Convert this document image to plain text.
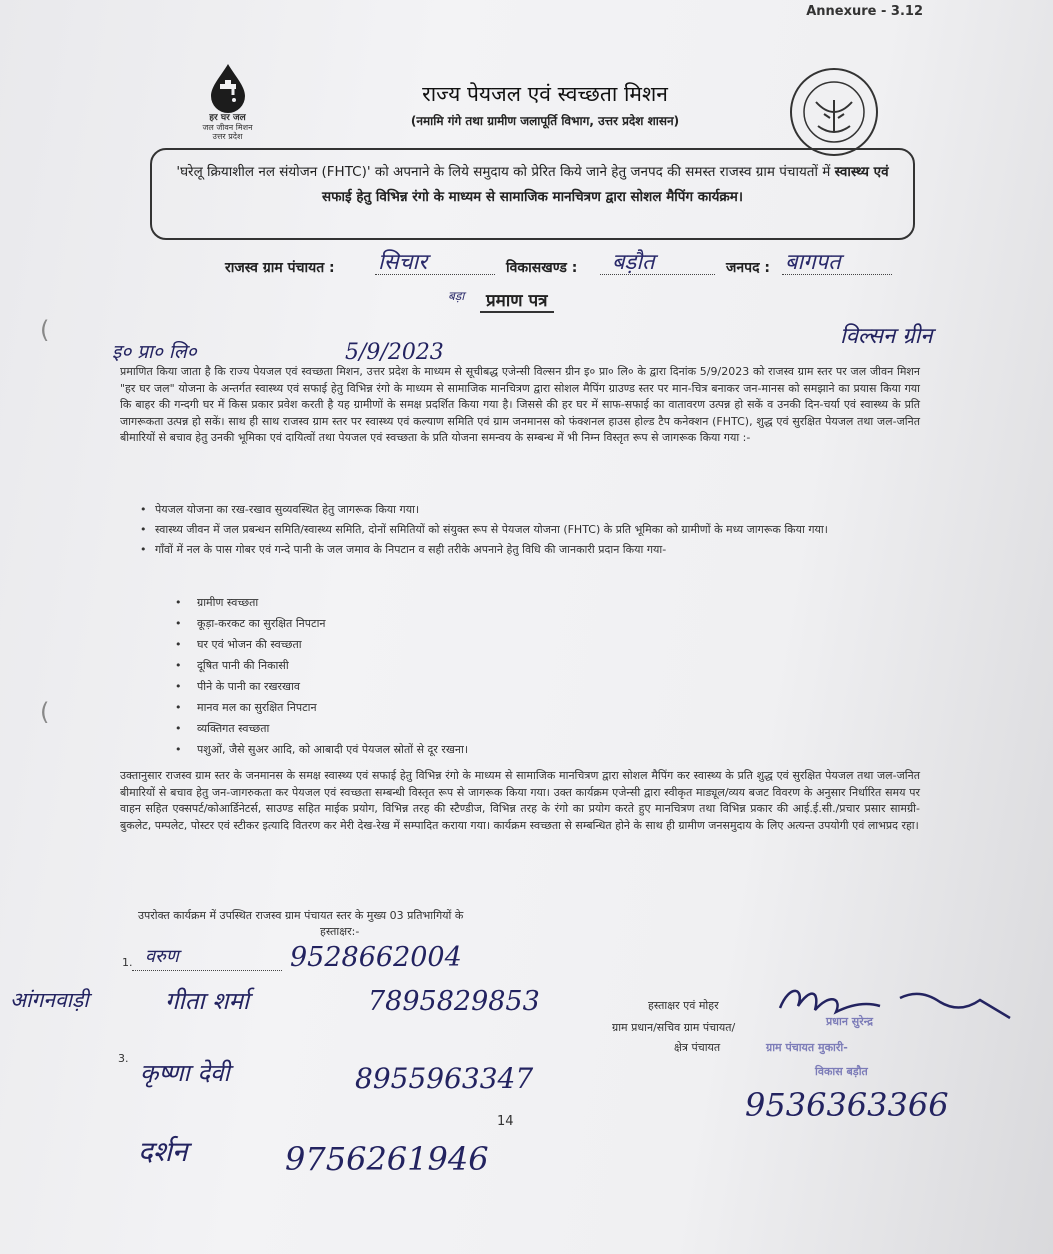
Annexure - 3.12
हर घर जल
जल जीवन मिशन
उत्तर प्रदेश
राज्य पेयजल एवं स्वच्छता मिशन
(नमामि गंगे तथा ग्रामीण जलापूर्ति विभाग, उत्तर प्रदेश शासन)
'घरेलू क्रियाशील नल संयोजन (FHTC)' को अपनाने के लिये समुदाय को प्रेरित किये जाने हेतु जनपद की समस्त राजस्व ग्राम पंचायतों में स्वास्थ्य एवं सफाई हेतु विभिन्न रंगो के माध्यम से सामाजिक मानचित्रण द्वारा सोशल मैपिंग कार्यक्रम।
राजस्व ग्राम पंचायत : सिचार	विकासखण्ड : बड़ौत	जनपद : बागपत
बड़ा	प्रमाण पत्र
विल्सन ग्रीन
इ० प्रा० लि०	5/9/2023
(
(
प्रमाणित किया जाता है कि राज्य पेयजल एवं स्वच्छता मिशन, उत्तर प्रदेश के माध्यम से सूचीबद्ध एजेन्सी विल्सन ग्रीन इ० प्रा० लि० के द्वारा दिनांक 5/9/2023 को राजस्व ग्राम स्तर पर जल जीवन मिशन "हर घर जल" योजना के अन्तर्गत स्वास्थ्य एवं सफाई हेतु विभिन्न रंगो के माध्यम से सामाजिक मानचित्रण द्वारा सोशल मैपिंग ग्राउण्ड स्तर पर मान-चित्र बनाकर जन-मानस को समझाने का प्रयास किया गया कि बाहर की गन्दगी घर में किस प्रकार प्रवेश करती है यह ग्रामीणों के समक्ष प्रदर्शित किया गया है। जिससे की हर घर में साफ-सफाई का वातावरण उत्पन्न हो सकें व उनकी दिन-चर्या एवं स्वास्थ्य के प्रति जागरूकता उत्पन्न हो सकें। साथ ही साथ राजस्व ग्राम स्तर पर स्वास्थ्य एवं कल्याण समिति एवं ग्राम जनमानस को फंक्शनल हाउस होल्ड टैप कनेक्शन (FHTC), शुद्ध एवं सुरक्षित पेयजल तथा जल-जनित बीमारियों से बचाव हेतु उनकी भूमिका एवं दायित्वों तथा पेयजल एवं स्वच्छता के प्रति योजना समन्वय के सम्बन्ध में भी निम्न विस्तृत रूप से जागरूक किया गया :-
• पेयजल योजना का रख-रखाव सुव्यवस्थित हेतु जागरूक किया गया।
• स्वास्थ्य जीवन में जल प्रबन्धन समिति/स्वास्थ्य समिति, दोनों समितियों को संयुक्त रूप से पेयजल योजना (FHTC) के प्रति भूमिका को ग्रामीणों के मध्य जागरूक किया गया।
• गाँवों में नल के पास गोबर एवं गन्दे पानी के जल जमाव के निपटान व सही तरीके अपनाने हेतु विधि की जानकारी प्रदान किया गया-
• ग्रामीण स्वच्छता
• कूड़ा-करकट का सुरक्षित निपटान
• घर एवं भोजन की स्वच्छता
• दूषित पानी की निकासी
• पीने के पानी का रखरखाव
• मानव मल का सुरक्षित निपटान
• व्यक्तिगत स्वच्छता
• पशुओं, जैसे सुअर आदि, को आबादी एवं पेयजल स्रोतों से दूर रखना।
उक्तानुसार राजस्व ग्राम स्तर के जनमानस के समक्ष स्वास्थ्य एवं सफाई हेतु विभिन्न रंगो के माध्यम से सामाजिक मानचित्रण द्वारा सोशल मैपिंग कर स्वास्थ्य के प्रति शुद्ध एवं सुरक्षित पेयजल तथा जल-जनित बीमारियों से बचाव हेतु जन-जागरुकता कर पेयजल एवं स्वच्छता सम्बन्धी विस्तृत रूप से जागरूक किया गया। उक्त कार्यक्रम एजेन्सी द्वारा स्वीकृत माड्यूल/व्यय बजट विवरण के अनुसार निर्धारित समय पर वाहन सहित एक्सपर्ट/कोआर्डिनेटर्स, साउण्ड सहित माईक प्रयोग, विभिन्न तरह की स्टैण्डीज, विभिन्न तरह के रंगो का प्रयोग करते हुए मानचित्रण तथा विभिन्न प्रकार की आई.ई.सी./प्रचार प्रसार सामग्री-बुकलेट, पम्पलेट, पोस्टर एवं स्टीकर इत्यादि वितरण कर मेरी देख-रेख में सम्पादित कराया गया। कार्यक्रम स्वच्छता से सम्बन्धित होने के साथ ही ग्रामीण जनसमुदाय के लिए अत्यन्त उपयोगी एवं लाभप्रद रहा।
उपरोक्त कार्यक्रम में उपस्थित राजस्व ग्राम पंचायत स्तर के मुख्य 03 प्रतिभागियों के
हस्ताक्षर:-
1. वरुण	9528662004
आंगनवाड़ी	गीता शर्मा	7895829853
3.
कृष्णा देवी	8955963347
दर्शन	9756261946
हस्ताक्षर एवं मोहर
ग्राम प्रधान/सचिव ग्राम पंचायत/
क्षेत्र पंचायत
प्रधान सुरेन्द्र
ग्राम पंचायत मुकारी-
विकास बड़ौत
9536363366
14
